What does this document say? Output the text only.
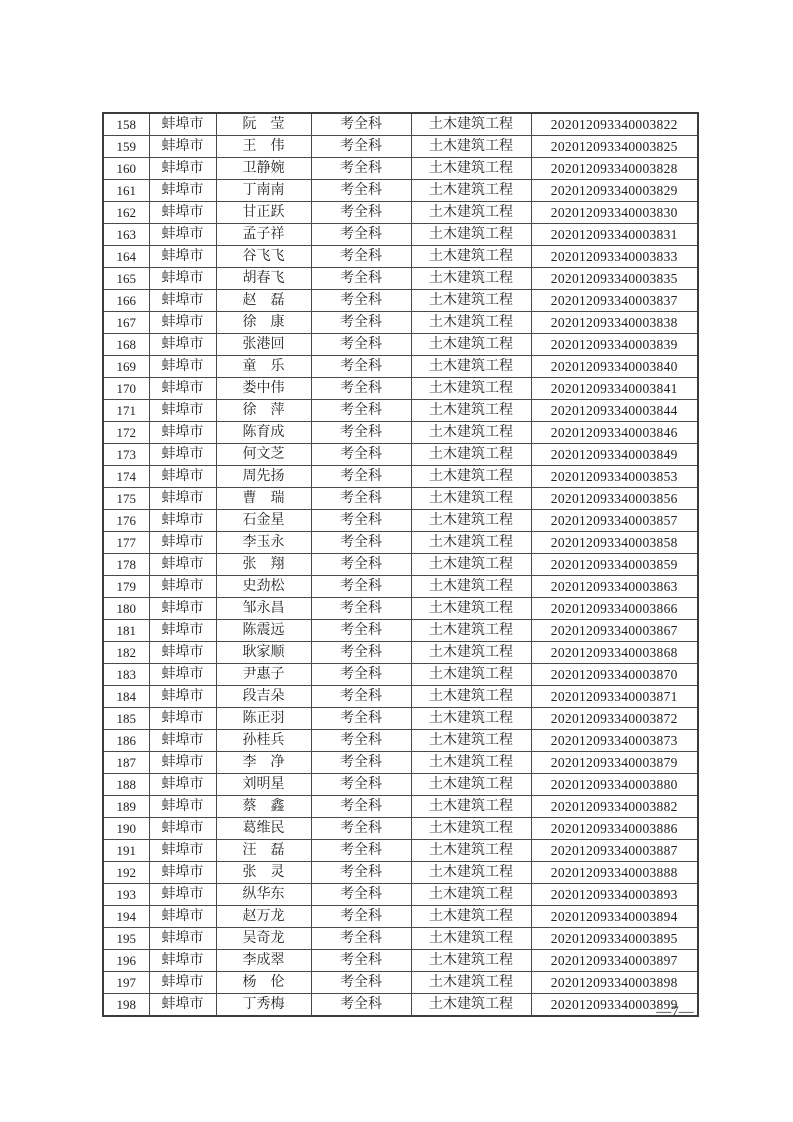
158	蚌埠市	阮　莹	考全科	土木建筑工程	202012093340003822
159	蚌埠市	王　伟	考全科	土木建筑工程	202012093340003825
160	蚌埠市	卫静婉	考全科	土木建筑工程	202012093340003828
161	蚌埠市	丁南南	考全科	土木建筑工程	202012093340003829
162	蚌埠市	甘正跃	考全科	土木建筑工程	202012093340003830
163	蚌埠市	孟子祥	考全科	土木建筑工程	202012093340003831
164	蚌埠市	谷飞飞	考全科	土木建筑工程	202012093340003833
165	蚌埠市	胡春飞	考全科	土木建筑工程	202012093340003835
166	蚌埠市	赵　磊	考全科	土木建筑工程	202012093340003837
167	蚌埠市	徐　康	考全科	土木建筑工程	202012093340003838
168	蚌埠市	张港回	考全科	土木建筑工程	202012093340003839
169	蚌埠市	童　乐	考全科	土木建筑工程	202012093340003840
170	蚌埠市	娄中伟	考全科	土木建筑工程	202012093340003841
171	蚌埠市	徐　萍	考全科	土木建筑工程	202012093340003844
172	蚌埠市	陈育成	考全科	土木建筑工程	202012093340003846
173	蚌埠市	何文芝	考全科	土木建筑工程	202012093340003849
174	蚌埠市	周先扬	考全科	土木建筑工程	202012093340003853
175	蚌埠市	曹　瑞	考全科	土木建筑工程	202012093340003856
176	蚌埠市	石金星	考全科	土木建筑工程	202012093340003857
177	蚌埠市	李玉永	考全科	土木建筑工程	202012093340003858
178	蚌埠市	张　翔	考全科	土木建筑工程	202012093340003859
179	蚌埠市	史劲松	考全科	土木建筑工程	202012093340003863
180	蚌埠市	邹永昌	考全科	土木建筑工程	202012093340003866
181	蚌埠市	陈震远	考全科	土木建筑工程	202012093340003867
182	蚌埠市	耿家顺	考全科	土木建筑工程	202012093340003868
183	蚌埠市	尹惠子	考全科	土木建筑工程	202012093340003870
184	蚌埠市	段吉朵	考全科	土木建筑工程	202012093340003871
185	蚌埠市	陈正羽	考全科	土木建筑工程	202012093340003872
186	蚌埠市	孙桂兵	考全科	土木建筑工程	202012093340003873
187	蚌埠市	李　净	考全科	土木建筑工程	202012093340003879
188	蚌埠市	刘明星	考全科	土木建筑工程	202012093340003880
189	蚌埠市	蔡　鑫	考全科	土木建筑工程	202012093340003882
190	蚌埠市	葛维民	考全科	土木建筑工程	202012093340003886
191	蚌埠市	汪　磊	考全科	土木建筑工程	202012093340003887
192	蚌埠市	张　灵	考全科	土木建筑工程	202012093340003888
193	蚌埠市	纵华东	考全科	土木建筑工程	202012093340003893
194	蚌埠市	赵万龙	考全科	土木建筑工程	202012093340003894
195	蚌埠市	吴奇龙	考全科	土木建筑工程	202012093340003895
196	蚌埠市	李成翠	考全科	土木建筑工程	202012093340003897
197	蚌埠市	杨　伦	考全科	土木建筑工程	202012093340003898
198	蚌埠市	丁秀梅	考全科	土木建筑工程	202012093340003899
—7—
